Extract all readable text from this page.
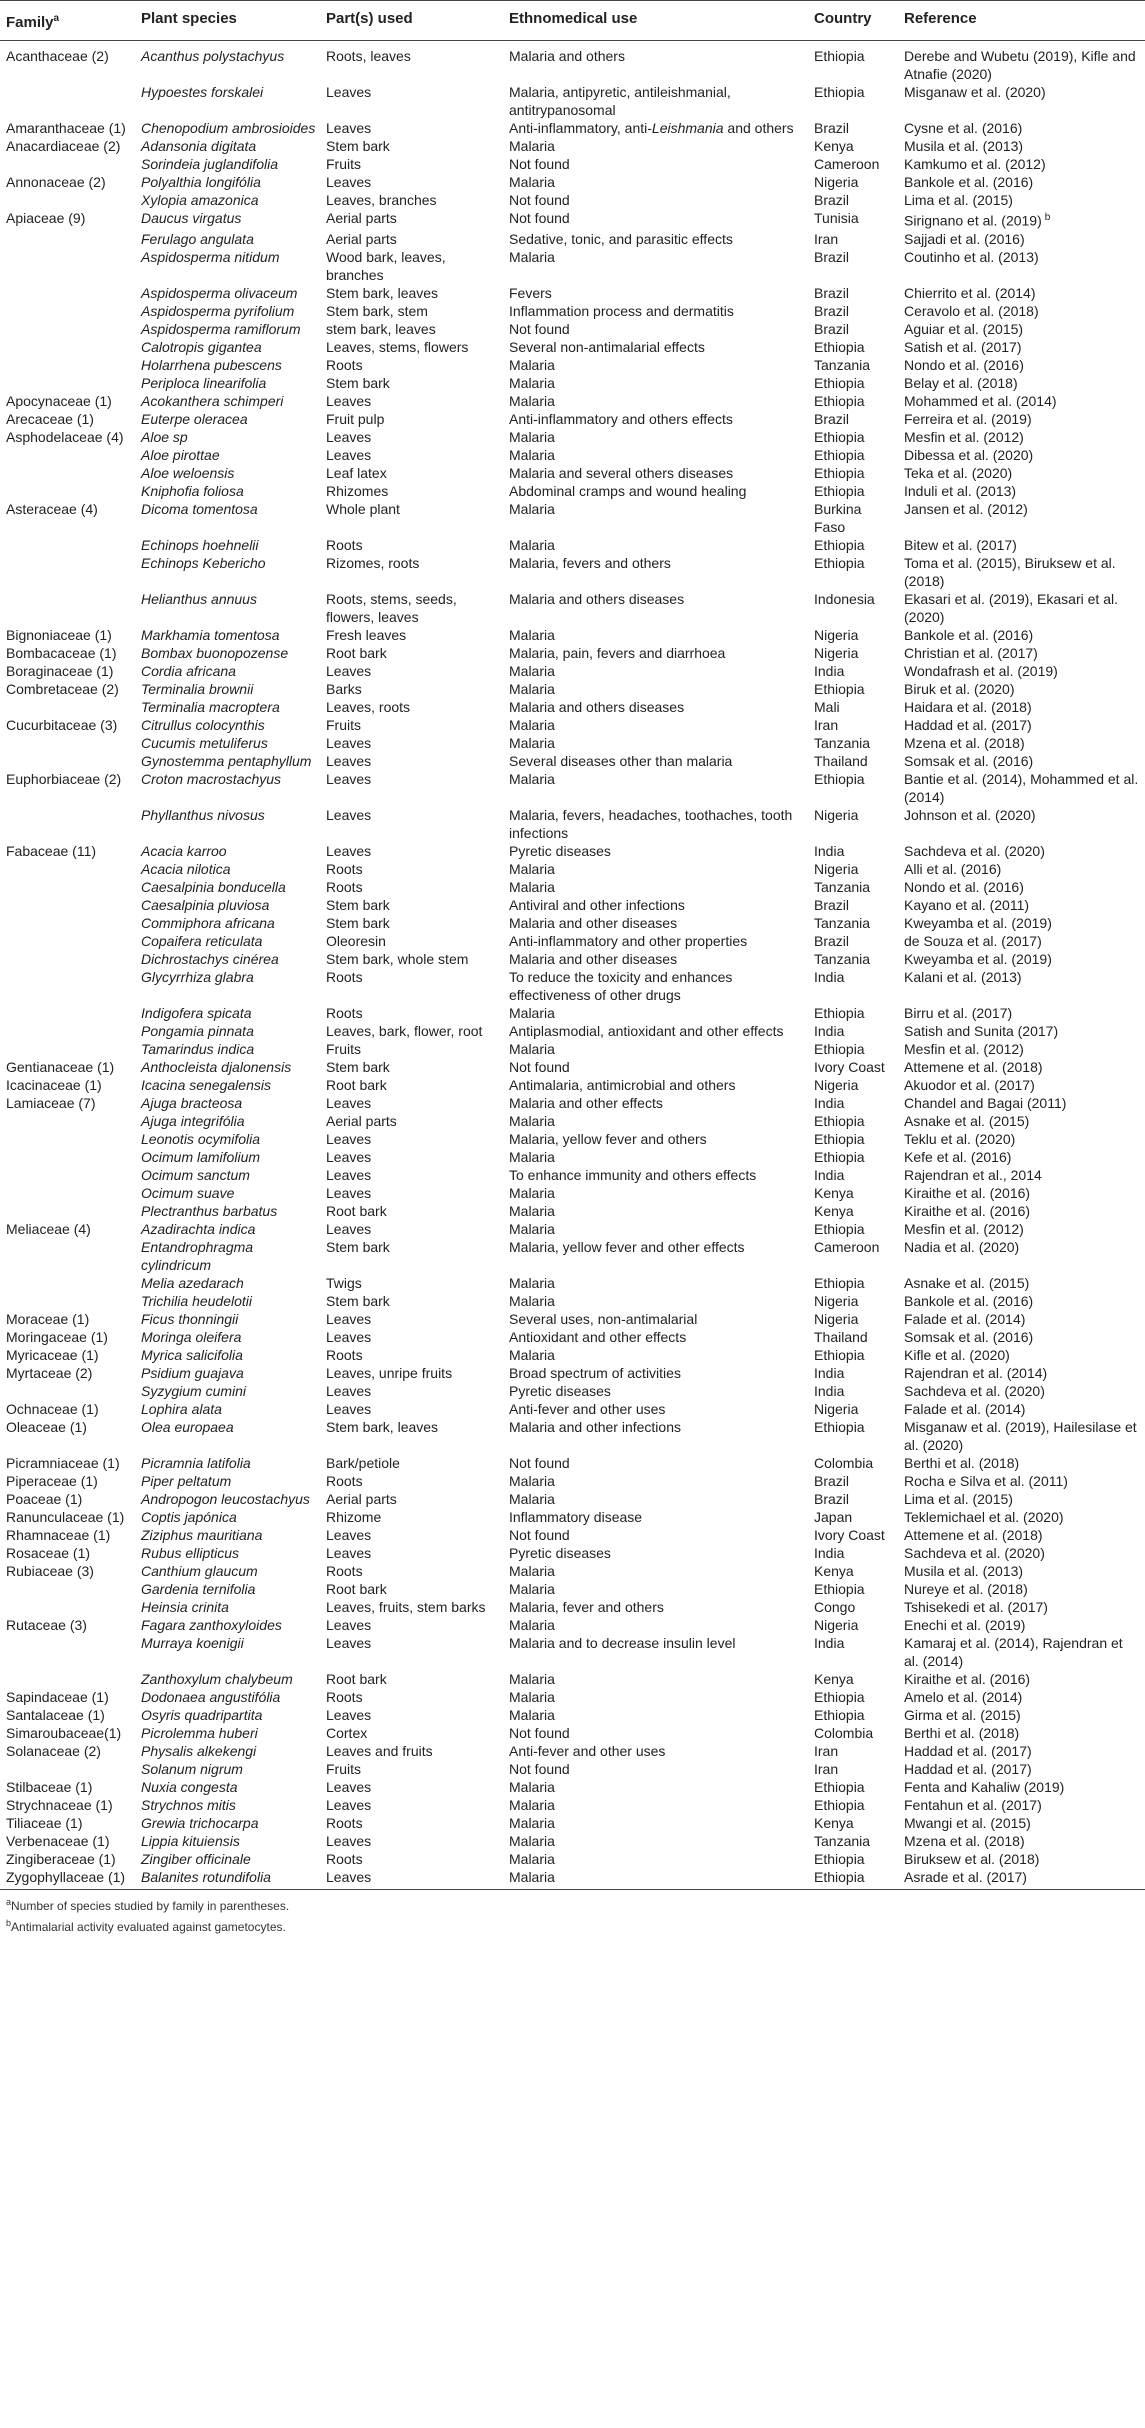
Family$^a$	Plant species	Part(s) used	Ethnomedical use	Country	Reference
Acanthaceae (2)	Acanthus polystachyus	Roots, leaves	Malaria and others	Ethiopia	Derebe and Wubetu (2019), Kifle and Atnafie (2020)
	Hypoestes forskalei	Leaves	Malaria, antipyretic, antileishmanial, antitrypanosomal	Ethiopia	Misganaw et al. (2020)
Amaranthaceae (1)	Chenopodium ambrosioides	Leaves	Anti-inflammatory, anti-Leishmania and others	Brazil	Cysne et al. (2016)
Anacardiaceae (2)	Adansonia digitata	Stem bark	Malaria	Kenya	Musila et al. (2013)
	Sorindeia juglandifolia	Fruits	Not found	Cameroon	Kamkumo et al. (2012)
Annonaceae (2)	Polyalthia longifólia	Leaves	Malaria	Nigeria	Bankole et al. (2016)
	Xylopia amazonica	Leaves, branches	Not found	Brazil	Lima et al. (2015)
Apiaceae (9)	Daucus virgatus	Aerial parts	Not found	Tunisia	Sirignano et al. (2019) $^b$
	Ferulago angulata	Aerial parts	Sedative, tonic, and parasitic effects	Iran	Sajjadi et al. (2016)
	Aspidosperma nitidum	Wood bark, leaves, branches	Malaria	Brazil	Coutinho et al. (2013)
	Aspidosperma olivaceum	Stem bark, leaves	Fevers	Brazil	Chierrito et al. (2014)
	Aspidosperma pyrifolium	Stem bark, stem	Inflammation process and dermatitis	Brazil	Ceravolo et al. (2018)
	Aspidosperma ramiflorum	stem bark, leaves	Not found	Brazil	Aguiar et al. (2015)
	Calotropis gigantea	Leaves, stems, flowers	Several non-antimalarial effects	Ethiopia	Satish et al. (2017)
	Holarrhena pubescens	Roots	Malaria	Tanzania	Nondo et al. (2016)
	Periploca linearifolia	Stem bark	Malaria	Ethiopia	Belay et al. (2018)
Apocynaceae (1)	Acokanthera schimperi	Leaves	Malaria	Ethiopia	Mohammed et al. (2014)
Arecaceae (1)	Euterpe oleracea	Fruit pulp	Anti-inflammatory and others effects	Brazil	Ferreira et al. (2019)
Asphodelaceae (4)	Aloe sp	Leaves	Malaria	Ethiopia	Mesfin et al. (2012)
	Aloe pirottae	Leaves	Malaria	Ethiopia	Dibessa et al. (2020)
	Aloe weloensis	Leaf latex	Malaria and several others diseases	Ethiopia	Teka et al. (2020)
	Kniphofia foliosa	Rhizomes	Abdominal cramps and wound healing	Ethiopia	Induli et al. (2013)
Asteraceae (4)	Dicoma tomentosa	Whole plant	Malaria	Burkina Faso	Jansen et al. (2012)
	Echinops hoehnelii	Roots	Malaria	Ethiopia	Bitew et al. (2017)
	Echinops Kebericho	Rizomes, roots	Malaria, fevers and others	Ethiopia	Toma et al. (2015), Biruksew et al. (2018)
	Helianthus annuus	Roots, stems, seeds, flowers, leaves	Malaria and others diseases	Indonesia	Ekasari et al. (2019), Ekasari et al. (2020)
Bignoniaceae (1)	Markhamia tomentosa	Fresh leaves	Malaria	Nigeria	Bankole et al. (2016)
Bombacaceae (1)	Bombax buonopozense	Root bark	Malaria, pain, fevers and diarrhoea	Nigeria	Christian et al. (2017)
Boraginaceae (1)	Cordia africana	Leaves	Malaria	India	Wondafrash et al. (2019)
Combretaceae (2)	Terminalia brownii	Barks	Malaria	Ethiopia	Biruk et al. (2020)
	Terminalia macroptera	Leaves, roots	Malaria and others diseases	Mali	Haidara et al. (2018)
Cucurbitaceae (3)	Citrullus colocynthis	Fruits	Malaria	Iran	Haddad et al. (2017)
	Cucumis metuliferus	Leaves	Malaria	Tanzania	Mzena et al. (2018)
	Gynostemma pentaphyllum	Leaves	Several diseases other than malaria	Thailand	Somsak et al. (2016)
Euphorbiaceae (2)	Croton macrostachyus	Leaves	Malaria	Ethiopia	Bantie et al. (2014), Mohammed et al. (2014)
	Phyllanthus nivosus	Leaves	Malaria, fevers, headaches, toothaches, tooth infections	Nigeria	Johnson et al. (2020)
Fabaceae (11)	Acacia karroo	Leaves	Pyretic diseases	India	Sachdeva et al. (2020)
	Acacia nilotica	Roots	Malaria	Nigeria	Alli et al. (2016)
	Caesalpinia bonducella	Roots	Malaria	Tanzania	Nondo et al. (2016)
	Caesalpinia pluviosa	Stem bark	Antiviral and other infections	Brazil	Kayano et al. (2011)
	Commiphora africana	Stem bark	Malaria and other diseases	Tanzania	Kweyamba et al. (2019)
	Copaifera reticulata	Oleoresin	Anti-inflammatory and other properties	Brazil	de Souza et al. (2017)
	Dichrostachys cinérea	Stem bark, whole stem	Malaria and other diseases	Tanzania	Kweyamba et al. (2019)
	Glycyrrhiza glabra	Roots	To reduce the toxicity and enhances effectiveness of other drugs	India	Kalani et al. (2013)
	Indigofera spicata	Roots	Malaria	Ethiopia	Birru et al. (2017)
	Pongamia pinnata	Leaves, bark, flower, root	Antiplasmodial, antioxidant and other effects	India	Satish and Sunita (2017)
	Tamarindus indica	Fruits	Malaria	Ethiopia	Mesfin et al. (2012)
Gentianaceae (1)	Anthocleista djalonensis	Stem bark	Not found	Ivory Coast	Attemene et al. (2018)
Icacinaceae (1)	Icacina senegalensis	Root bark	Antimalaria, antimicrobial and others	Nigeria	Akuodor et al. (2017)
Lamiaceae (7)	Ajuga bracteosa	Leaves	Malaria and other effects	India	Chandel and Bagai (2011)
	Ajuga integrifólia	Aerial parts	Malaria	Ethiopia	Asnake et al. (2015)
	Leonotis ocymifolia	Leaves	Malaria, yellow fever and others	Ethiopia	Teklu et al. (2020)
	Ocimum lamifolium	Leaves	Malaria	Ethiopia	Kefe et al. (2016)
	Ocimum sanctum	Leaves	To enhance immunity and others effects	India	Rajendran et al., 2014
	Ocimum suave	Leaves	Malaria	Kenya	Kiraithe et al. (2016)
	Plectranthus barbatus	Root bark	Malaria	Kenya	Kiraithe et al. (2016)
Meliaceae (4)	Azadirachta indica	Leaves	Malaria	Ethiopia	Mesfin et al. (2012)
	Entandrophragma cylindricum	Stem bark	Malaria, yellow fever and other effects	Cameroon	Nadia et al. (2020)
	Melia azedarach	Twigs	Malaria	Ethiopia	Asnake et al. (2015)
	Trichilia heudelotii	Stem bark	Malaria	Nigeria	Bankole et al. (2016)
Moraceae (1)	Ficus thonningii	Leaves	Several uses, non-antimalarial	Nigeria	Falade et al. (2014)
Moringaceae (1)	Moringa oleifera	Leaves	Antioxidant and other effects	Thailand	Somsak et al. (2016)
Myricaceae (1)	Myrica salicifolia	Roots	Malaria	Ethiopia	Kifle et al. (2020)
Myrtaceae (2)	Psidium guajava	Leaves, unripe fruits	Broad spectrum of activities	India	Rajendran et al. (2014)
	Syzygium cumini	Leaves	Pyretic diseases	India	Sachdeva et al. (2020)
Ochnaceae (1)	Lophira alata	Leaves	Anti-fever and other uses	Nigeria	Falade et al. (2014)
Oleaceae (1)	Olea europaea	Stem bark, leaves	Malaria and other infections	Ethiopia	Misganaw et al. (2019), Hailesilase et al. (2020)
Picramniaceae (1)	Picramnia latifolia	Bark/petiole	Not found	Colombia	Berthi et al. (2018)
Piperaceae (1)	Piper peltatum	Roots	Malaria	Brazil	Rocha e Silva et al. (2011)
Poaceae (1)	Andropogon leucostachyus	Aerial parts	Malaria	Brazil	Lima et al. (2015)
Ranunculaceae (1)	Coptis japónica	Rhizome	Inflammatory disease	Japan	Teklemichael et al. (2020)
Rhamnaceae (1)	Ziziphus mauritiana	Leaves	Not found	Ivory Coast	Attemene et al. (2018)
Rosaceae (1)	Rubus ellipticus	Leaves	Pyretic diseases	India	Sachdeva et al. (2020)
Rubiaceae (3)	Canthium glaucum	Roots	Malaria	Kenya	Musila et al. (2013)
	Gardenia ternifolia	Root bark	Malaria	Ethiopia	Nureye et al. (2018)
	Heinsia crinita	Leaves, fruits, stem barks	Malaria, fever and others	Congo	Tshisekedi et al. (2017)
Rutaceae (3)	Fagara zanthoxyloides	Leaves	Malaria	Nigeria	Enechi et al. (2019)
	Murraya koenigii	Leaves	Malaria and to decrease insulin level	India	Kamaraj et al. (2014), Rajendran et al. (2014)
	Zanthoxylum chalybeum	Root bark	Malaria	Kenya	Kiraithe et al. (2016)
Sapindaceae (1)	Dodonaea angustifólia	Roots	Malaria	Ethiopia	Amelo et al. (2014)
Santalaceae (1)	Osyris quadripartita	Leaves	Malaria	Ethiopia	Girma et al. (2015)
Simaroubaceae(1)	Picrolemma huberi	Cortex	Not found	Colombia	Berthi et al. (2018)
Solanaceae (2)	Physalis alkekengi	Leaves and fruits	Anti-fever and other uses	Iran	Haddad et al. (2017)
	Solanum nigrum	Fruits	Not found	Iran	Haddad et al. (2017)
Stilbaceae (1)	Nuxia congesta	Leaves	Malaria	Ethiopia	Fenta and Kahaliw (2019)
Strychnaceae (1)	Strychnos mitis	Leaves	Malaria	Ethiopia	Fentahun et al. (2017)
Tiliaceae (1)	Grewia trichocarpa	Roots	Malaria	Kenya	Mwangi et al. (2015)
Verbenaceae (1)	Lippia kituiensis	Leaves	Malaria	Tanzania	Mzena et al. (2018)
Zingiberaceae (1)	Zingiber officinale	Roots	Malaria	Ethiopia	Biruksew et al. (2018)
Zygophyllaceae (1)	Balanites rotundifolia	Leaves	Malaria	Ethiopia	Asrade et al. (2017)
$^a$Number of species studied by family in parentheses.
$^b$Antimalarial activity evaluated against gametocytes.
